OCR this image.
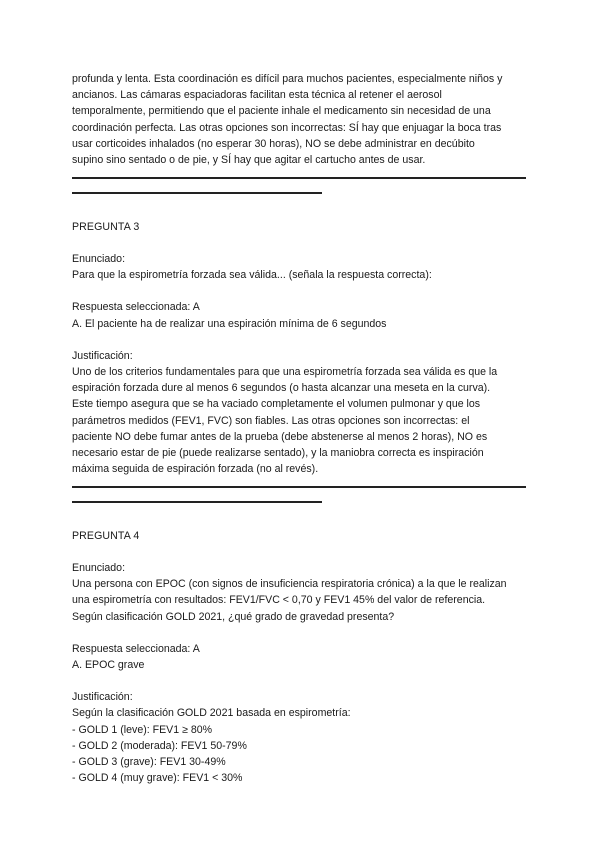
profunda y lenta. Esta coordinación es difícil para muchos pacientes, especialmente niños y

ancianos. Las cámaras espaciadoras facilitan esta técnica al retener el aerosol

temporalmente, permitiendo que el paciente inhale el medicamento sin necesidad de una

coordinación perfecta. Las otras opciones son incorrectas: SÍ hay que enjuagar la boca tras

usar corticoides inhalados (no esperar 30 horas), NO se debe administrar en decúbito

supino sino sentado o de pie, y SÍ hay que agitar el cartucho antes de usar.

PREGUNTA 3

Enunciado:

Para que la espirometría forzada sea válida... (señala la respuesta correcta):

Respuesta seleccionada: A

A. El paciente ha de realizar una espiración mínima de 6 segundos

Justificación:

Uno de los criterios fundamentales para que una espirometría forzada sea válida es que la

espiración forzada dure al menos 6 segundos (o hasta alcanzar una meseta en la curva).

Este tiempo asegura que se ha vaciado completamente el volumen pulmonar y que los

parámetros medidos (FEV1, FVC) son fiables. Las otras opciones son incorrectas: el

paciente NO debe fumar antes de la prueba (debe abstenerse al menos 2 horas), NO es

necesario estar de pie (puede realizarse sentado), y la maniobra correcta es inspiración

máxima seguida de espiración forzada (no al revés).

PREGUNTA 4

Enunciado:

Una persona con EPOC (con signos de insuficiencia respiratoria crónica) a la que le realizan

una espirometría con resultados: FEV1/FVC < 0,70 y FEV1 45% del valor de referencia.

Según clasificación GOLD 2021, ¿qué grado de gravedad presenta?

Respuesta seleccionada: A

A. EPOC grave

Justificación:

Según la clasificación GOLD 2021 basada en espirometría:

- GOLD 1 (leve): FEV1 ≥ 80%

- GOLD 2 (moderada): FEV1 50-79%

- GOLD 3 (grave): FEV1 30-49%

- GOLD 4 (muy grave): FEV1 < 30%
